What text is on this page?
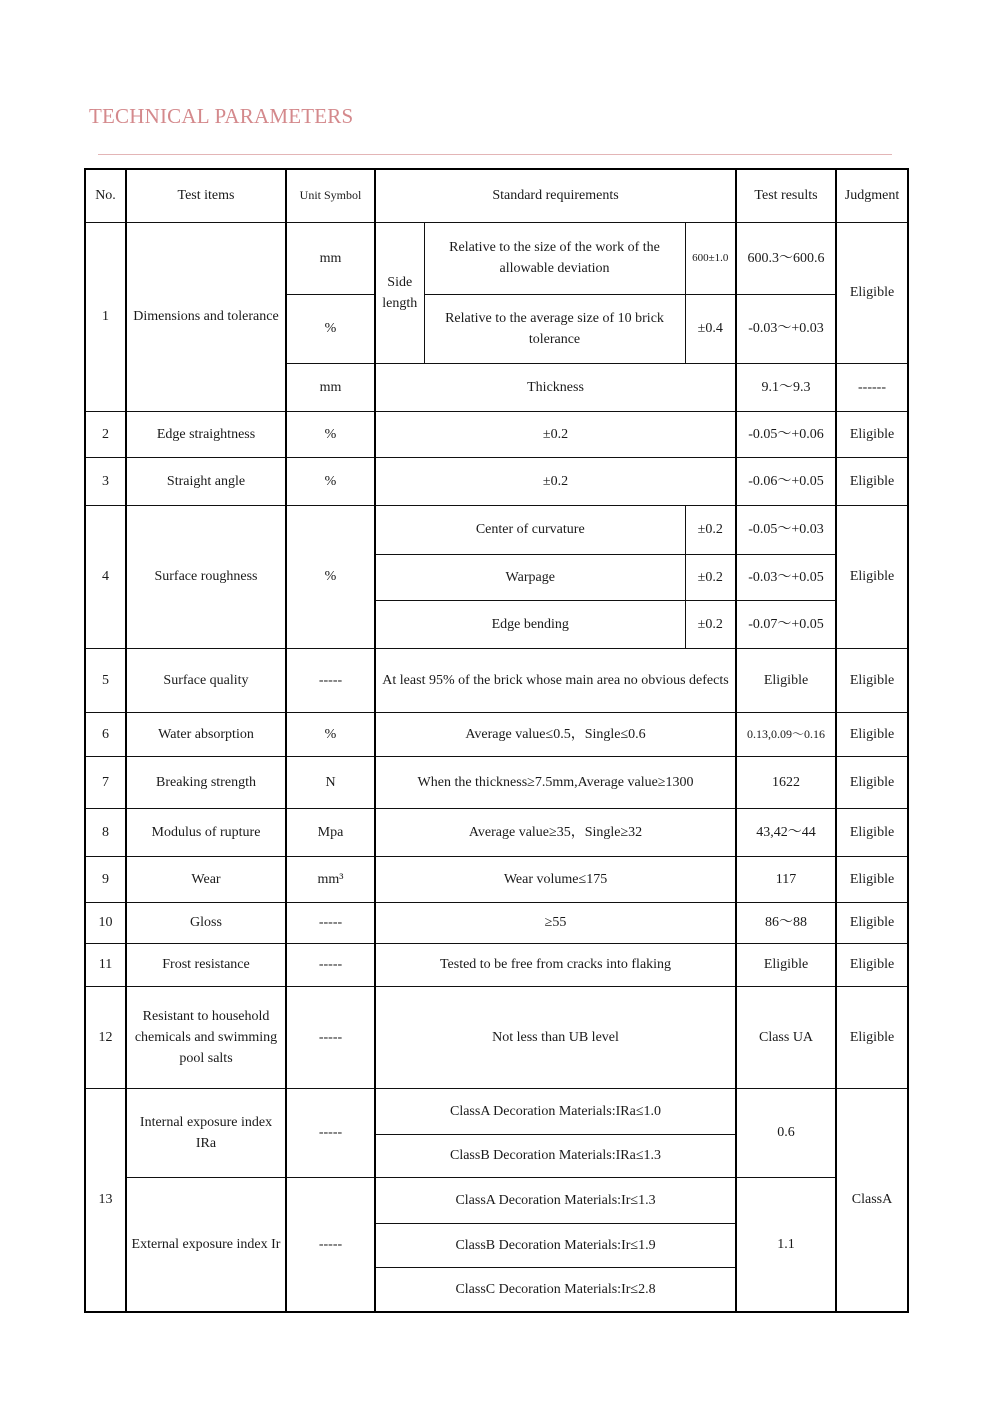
TECHNICAL PARAMETERS
No.	Test items	Unit Symbol	Standard requirements			Test results	Judgment
1	Dimensions and tolerance	mm	Side length	Relative to the size of the work of the allowable deviation	600±1.0	600.3～600.6	Eligible
		%		Relative to the average size of 10 brick tolerance	±0.4	-0.03～+0.03	
		mm	Thickness			9.1～9.3	------
2	Edge straightness	%	±0.2			-0.05～+0.06	Eligible
3	Straight angle	%	±0.2			-0.06～+0.05	Eligible
4	Surface roughness	%	Center of curvature		±0.2	-0.05～+0.03	Eligible
			Warpage		±0.2	-0.03～+0.05	
			Edge bending		±0.2	-0.07～+0.05	
5	Surface quality	-----	At least 95% of the brick whose main area no obvious defects			Eligible	Eligible
6	Water absorption	%	Average value≤0.5，Single≤0.6			0.13,0.09～0.16	Eligible
7	Breaking strength	N	When the thickness≥7.5mm,Average value≥1300			1622	Eligible
8	Modulus of rupture	Mpa	Average value≥35，Single≥32			43,42～44	Eligible
9	Wear	mm³	Wear volume≤175			117	Eligible
10	Gloss	-----	≥55			86～88	Eligible
11	Frost resistance	-----	Tested to be free from cracks into flaking			Eligible	Eligible
12	Resistant to household chemicals and swimming pool salts	-----	Not less than UB level			Class UA	Eligible
13	Internal exposure index IRa	-----	ClassA Decoration Materials:IRa≤1.0			0.6	ClassA
			ClassB Decoration Materials:IRa≤1.3				
	External exposure index Ir	-----	ClassA Decoration Materials:Ir≤1.3			1.1	
			ClassB Decoration Materials:Ir≤1.9				
			ClassC Decoration Materials:Ir≤2.8				
